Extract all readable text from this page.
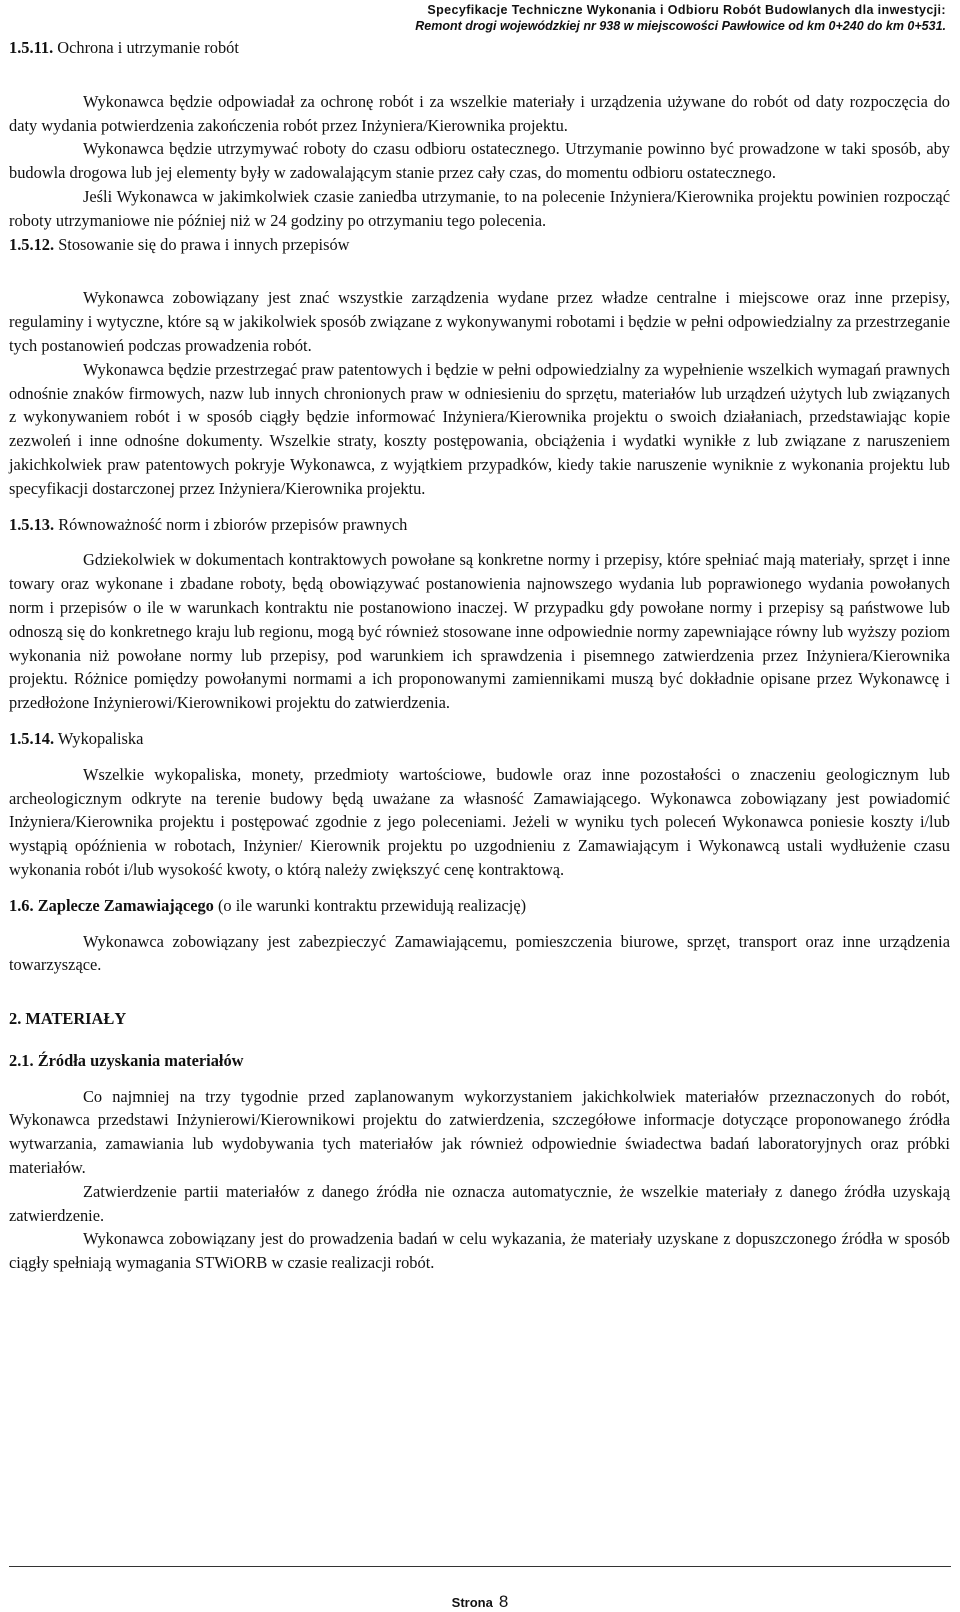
Specyfikacje Techniczne Wykonania i Odbioru Robót Budowlanych dla inwestycji:
Remont drogi wojewódzkiej nr 938 w miejscowości Pawłowice od km 0+240 do km 0+531.

1.5.11. Ochrona i utrzymanie robót

Wykonawca będzie odpowiadał za ochronę robót i za wszelkie materiały i urządzenia używane do robót od daty rozpoczęcia do daty wydania potwierdzenia zakończenia robót przez Inżyniera/Kierownika projektu.

Wykonawca będzie utrzymywać roboty do czasu odbioru ostatecznego. Utrzymanie powinno być prowadzone w taki sposób, aby budowla drogowa lub jej elementy były w zadowalającym stanie przez cały czas, do momentu odbioru ostatecznego.

Jeśli Wykonawca w jakimkolwiek czasie zaniedba utrzymanie, to na polecenie Inżyniera/Kierownika projektu powinien rozpocząć roboty utrzymaniowe nie później niż w 24 godziny po otrzymaniu tego polecenia.

1.5.12. Stosowanie się do prawa i innych przepisów

Wykonawca zobowiązany jest znać wszystkie zarządzenia wydane przez władze centralne i miejscowe oraz inne przepisy, regulaminy i wytyczne, które są w jakikolwiek sposób związane z wykonywanymi robotami i będzie w pełni odpowiedzialny za przestrzeganie tych postanowień podczas prowadzenia robót.

Wykonawca będzie przestrzegać praw patentowych i będzie w pełni odpowiedzialny za wypełnienie wszelkich wymagań prawnych odnośnie znaków firmowych, nazw lub innych chronionych praw w odniesieniu do sprzętu, materiałów lub urządzeń użytych lub związanych z wykonywaniem robót i w sposób ciągły będzie informować Inżyniera/Kierownika projektu o swoich działaniach, przedstawiając kopie zezwoleń i inne odnośne dokumenty. Wszelkie straty, koszty postępowania, obciążenia i wydatki wynikłe z lub związane z naruszeniem jakichkolwiek praw patentowych pokryje Wykonawca, z wyjątkiem przypadków, kiedy takie naruszenie wyniknie z wykonania projektu lub specyfikacji dostarczonej przez Inżyniera/Kierownika projektu.

1.5.13. Równoważność norm i zbiorów przepisów prawnych

Gdziekolwiek w dokumentach kontraktowych powołane są konkretne normy i przepisy, które spełniać mają materiały, sprzęt i inne towary oraz wykonane i zbadane roboty, będą obowiązywać postanowienia najnowszego wydania lub poprawionego wydania powołanych norm i przepisów o ile w warunkach kontraktu nie postanowiono inaczej. W przypadku gdy powołane normy i przepisy są państwowe lub odnoszą się do konkretnego kraju lub regionu, mogą być również stosowane inne odpowiednie normy zapewniające równy lub wyższy poziom wykonania niż powołane normy lub przepisy, pod warunkiem ich sprawdzenia i pisemnego zatwierdzenia przez Inżyniera/Kierownika projektu. Różnice pomiędzy powołanymi normami a ich proponowanymi zamiennikami muszą być dokładnie opisane przez Wykonawcę i przedłożone Inżynierowi/Kierownikowi projektu do zatwierdzenia.

1.5.14. Wykopaliska

Wszelkie wykopaliska, monety, przedmioty wartościowe, budowle oraz inne pozostałości o znaczeniu geologicznym lub archeologicznym odkryte na terenie budowy będą uważane za własność Zamawiającego. Wykonawca zobowiązany jest powiadomić Inżyniera/Kierownika projektu i postępować zgodnie z jego poleceniami. Jeżeli w wyniku tych poleceń Wykonawca poniesie koszty i/lub wystąpią opóźnienia w robotach, Inżynier/ Kierownik projektu po uzgodnieniu z Zamawiającym i Wykonawcą ustali wydłużenie czasu wykonania robót i/lub wysokość kwoty, o którą należy zwiększyć cenę kontraktową.

1.6. Zaplecze Zamawiającego (o ile warunki kontraktu przewidują realizację)

Wykonawca zobowiązany jest zabezpieczyć Zamawiającemu, pomieszczenia biurowe, sprzęt, transport oraz inne urządzenia towarzyszące.

2. MATERIAŁY

2.1. Źródła uzyskania materiałów

Co najmniej na trzy tygodnie przed zaplanowanym wykorzystaniem jakichkolwiek materiałów przeznaczonych do robót, Wykonawca przedstawi Inżynierowi/Kierownikowi projektu do zatwierdzenia, szczegółowe informacje dotyczące proponowanego źródła wytwarzania, zamawiania lub wydobywania tych materiałów jak również odpowiednie świadectwa badań laboratoryjnych oraz próbki materiałów.

Zatwierdzenie partii materiałów z danego źródła nie oznacza automatycznie, że wszelkie materiały z danego źródła uzyskają zatwierdzenie.

Wykonawca zobowiązany jest do prowadzenia badań w celu wykazania, że materiały uzyskane z dopuszczonego źródła w sposób ciągły spełniają wymagania STWiORB w czasie realizacji robót.

Strona 8
